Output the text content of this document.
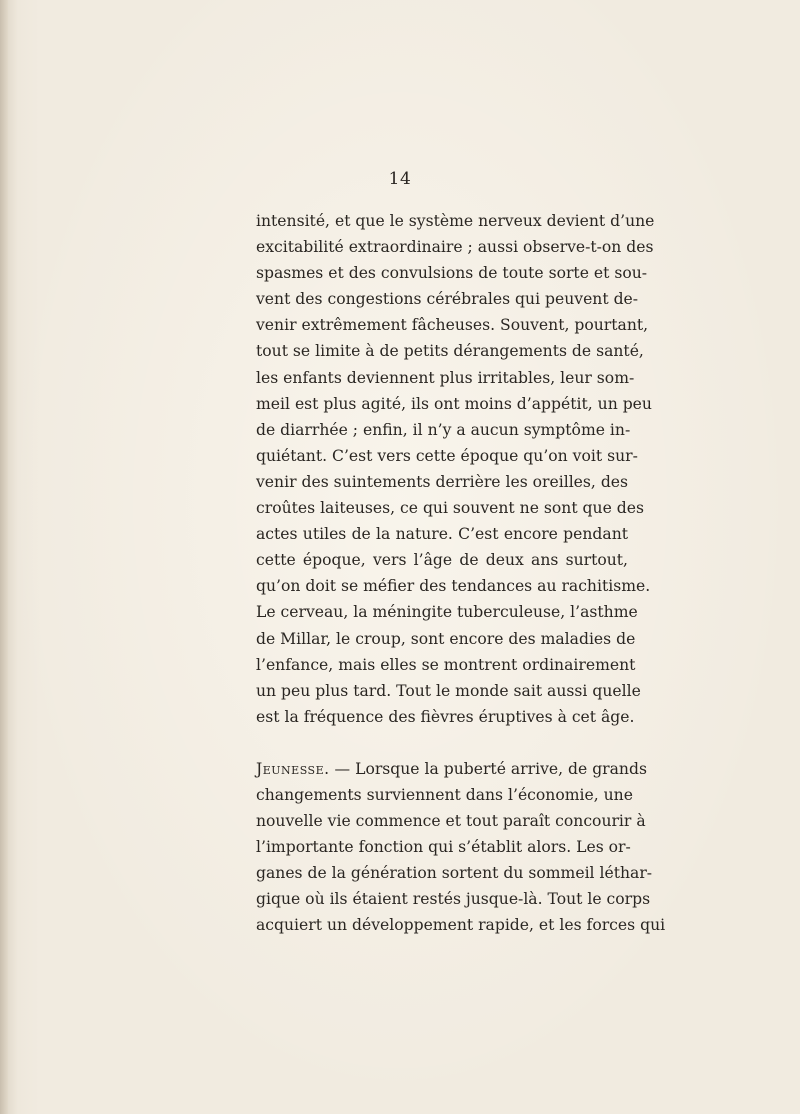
14
intensité, et que le système nerveux devient d’une
excitabilité extraordinaire ; aussi observe-t-on des
spasmes et des convulsions de toute sorte et sou-
vent des congestions cérébrales qui peuvent de-
venir extrêmement fâcheuses. Souvent, pourtant,
tout se limite à de petits dérangements de santé,
les enfants deviennent plus irritables, leur som-
meil est plus agité, ils ont moins d’appétit, un peu
de diarrhée ; enfin, il n’y a aucun symptôme in-
quiétant. C’est vers cette époque qu’on voit sur-
venir des suintements derrière les oreilles, des
croûtes laiteuses, ce qui souvent ne sont que des
actes utiles de la nature. C’est encore pendant
cette époque, vers l’âge de deux ans surtout,
qu’on doit se méfier des tendances au rachitisme.
Le cerveau, la méningite tuberculeuse, l’asthme
de Millar, le croup, sont encore des maladies de
l’enfance, mais elles se montrent ordinairement
un peu plus tard. Tout le monde sait aussi quelle
est la fréquence des fièvres éruptives à cet âge.
Jeunesse. — Lorsque la puberté arrive, de grands
changements surviennent dans l’économie, une
nouvelle vie commence et tout paraît concourir à
l’importante fonction qui s’établit alors. Les or-
ganes de la génération sortent du sommeil léthar-
gique où ils étaient restés jusque-là. Tout le corps
acquiert un développement rapide, et les forces qui
